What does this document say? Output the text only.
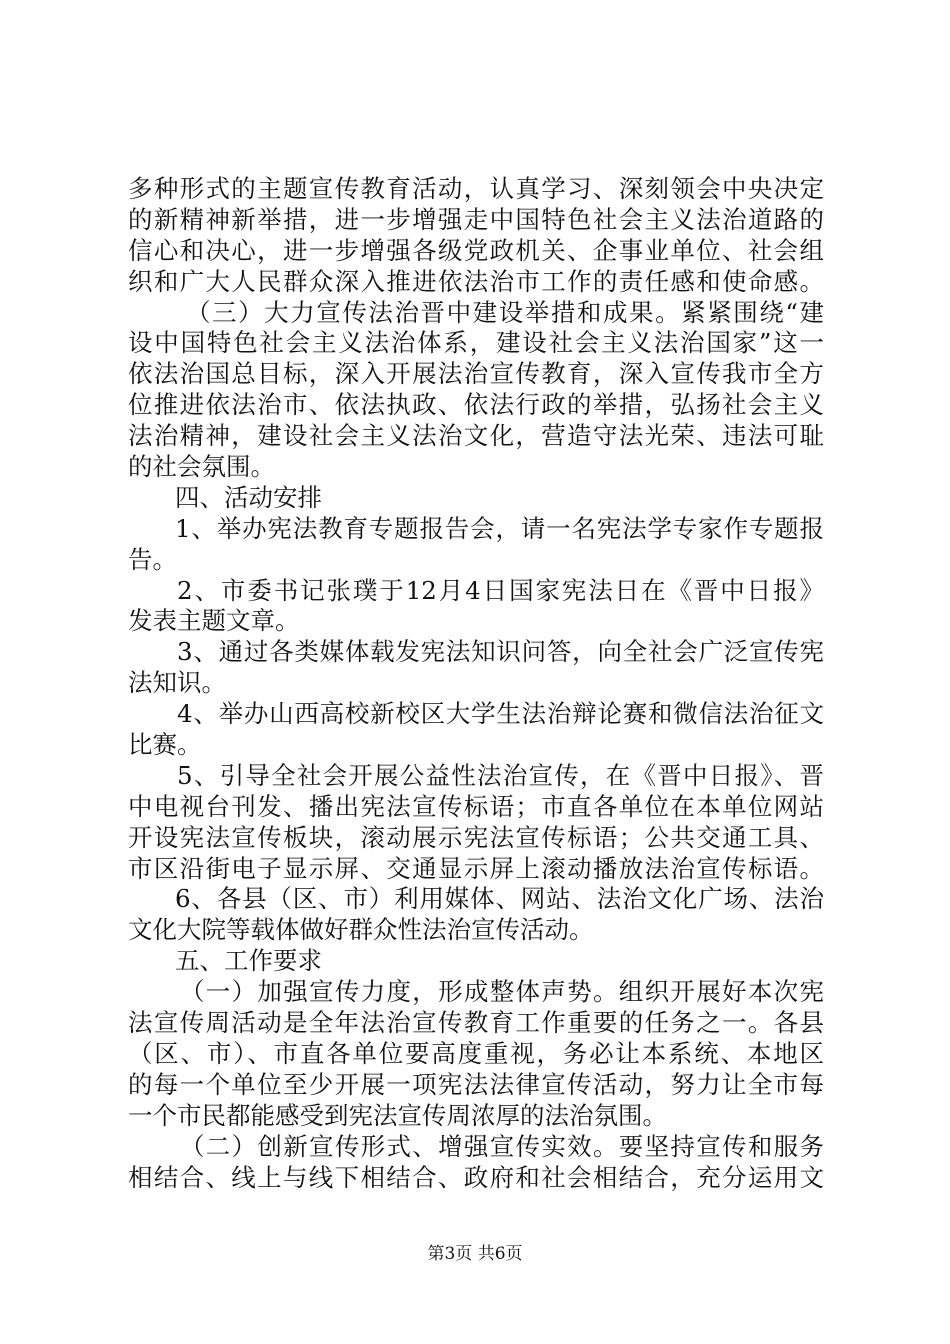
多种形式的主题宣传教育活动，认真学习、深刻领会中央决定
的新精神新举措，进一步增强走中国特色社会主义法治道路的
信心和决心，进一步增强各级党政机关、企事业单位、社会组
织和广大人民群众深入推进依法治市工作的责任感和使命感。
（三）大力宣传法治晋中建设举措和成果。紧紧围绕“建
设中国特色社会主义法治体系，建设社会主义法治国家”这一
依法治国总目标，深入开展法治宣传教育，深入宣传我市全方
位推进依法治市、依法执政、依法行政的举措，弘扬社会主义
法治精神，建设社会主义法治文化，营造守法光荣、违法可耻
的社会氛围。
四、活动安排
1、举办宪法教育专题报告会，请一名宪法学专家作专题报
告。
2、市委书记张璞于12月4日国家宪法日在《晋中日报》
发表主题文章。
3、通过各类媒体载发宪法知识问答，向全社会广泛宣传宪
法知识。
4、举办山西高校新校区大学生法治辩论赛和微信法治征文
比赛。
5、引导全社会开展公益性法治宣传，在《晋中日报》、晋
中电视台刊发、播出宪法宣传标语；市直各单位在本单位网站
开设宪法宣传板块，滚动展示宪法宣传标语；公共交通工具、
市区沿街电子显示屏、交通显示屏上滚动播放法治宣传标语。
6、各县（区、市）利用媒体、网站、法治文化广场、法治
文化大院等载体做好群众性法治宣传活动。
五、工作要求
（一）加强宣传力度，形成整体声势。组织开展好本次宪
法宣传周活动是全年法治宣传教育工作重要的任务之一。各县
（区、市）、市直各单位要高度重视，务必让本系统、本地区
的每一个单位至少开展一项宪法法律宣传活动，努力让全市每
一个市民都能感受到宪法宣传周浓厚的法治氛围。
（二）创新宣传形式、增强宣传实效。要坚持宣传和服务
相结合、线上与线下相结合、政府和社会相结合，充分运用文
第3页 共6页
